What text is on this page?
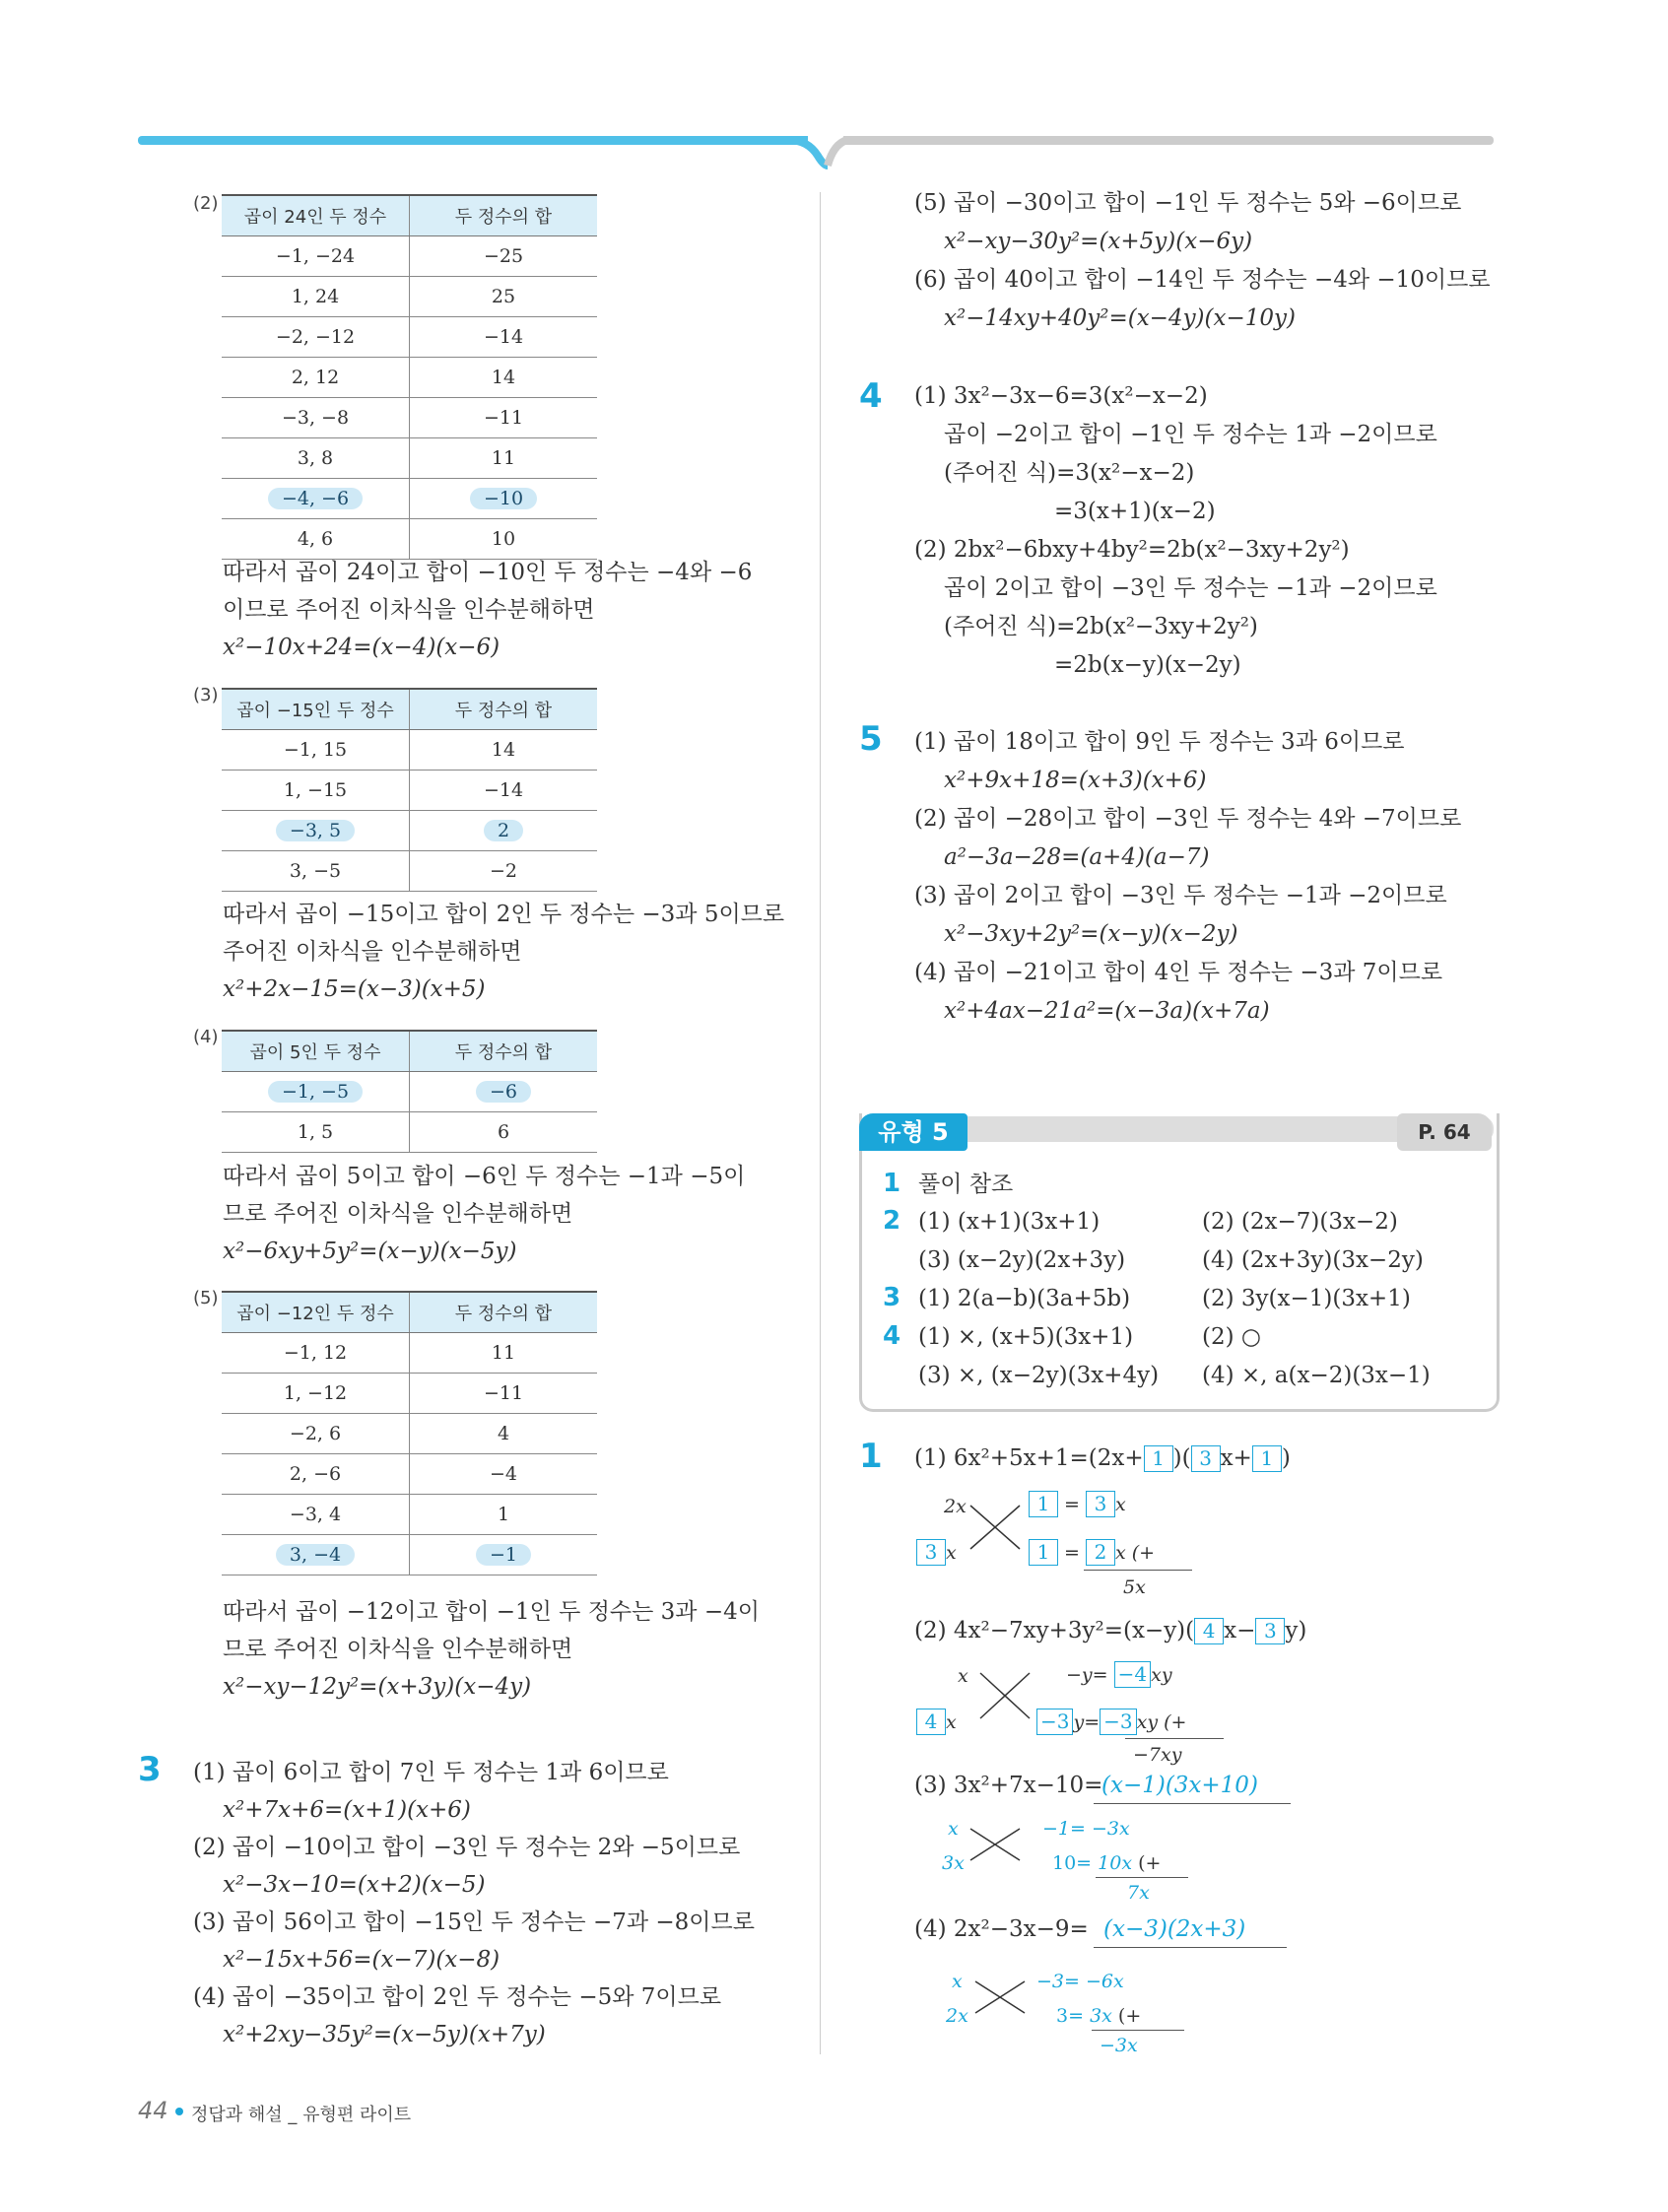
(2)
곱이 24인 두 정수	두 정수의 합
−1, −24	−25
1, 24	25
−2, −12	−14
2, 12	14
−3, −8	−11
3, 8	11
−4, −6	−10
4, 6	10
따라서 곱이 24이고 합이 −10인 두 정수는 −4와 −6
이므로 주어진 이차식을 인수분해하면
x²−10x+24=(x−4)(x−6)
(3)
곱이 −15인 두 정수	두 정수의 합
−1, 15	14
1, −15	−14
−3, 5	2
3, −5	−2
따라서 곱이 −15이고 합이 2인 두 정수는 −3과 5이므로
주어진 이차식을 인수분해하면
x²+2x−15=(x−3)(x+5)
(4)
곱이 5인 두 정수	두 정수의 합
−1, −5	−6
1, 5	6
따라서 곱이 5이고 합이 −6인 두 정수는 −1과 −5이
므로 주어진 이차식을 인수분해하면
x²−6xy+5y²=(x−y)(x−5y)
(5)
곱이 −12인 두 정수	두 정수의 합
−1, 12	11
1, −12	−11
−2, 6	4
2, −6	−4
−3, 4	1
3, −4	−1
따라서 곱이 −12이고 합이 −1인 두 정수는 3과 −4이
므로 주어진 이차식을 인수분해하면
x²−xy−12y²=(x+3y)(x−4y)
3 (1) 곱이 6이고 합이 7인 두 정수는 1과 6이므로
x²+7x+6=(x+1)(x+6)
(2) 곱이 −10이고 합이 −3인 두 정수는 2와 −5이므로
x²−3x−10=(x+2)(x−5)
(3) 곱이 56이고 합이 −15인 두 정수는 −7과 −8이므로
x²−15x+56=(x−7)(x−8)
(4) 곱이 −35이고 합이 2인 두 정수는 −5와 7이므로
x²+2xy−35y²=(x−5y)(x+7y)
(5) 곱이 −30이고 합이 −1인 두 정수는 5와 −6이므로
x²−xy−30y²=(x+5y)(x−6y)
(6) 곱이 40이고 합이 −14인 두 정수는 −4와 −10이므로
x²−14xy+40y²=(x−4y)(x−10y)
4 (1) 3x²−3x−6=3(x²−x−2)
곱이 −2이고 합이 −1인 두 정수는 1과 −2이므로
(주어진 식)=3(x²−x−2)
=3(x+1)(x−2)
(2) 2bx²−6bxy+4by²=2b(x²−3xy+2y²)
곱이 2이고 합이 −3인 두 정수는 −1과 −2이므로
(주어진 식)=2b(x²−3xy+2y²)
=2b(x−y)(x−2y)
5 (1) 곱이 18이고 합이 9인 두 정수는 3과 6이므로
x²+9x+18=(x+3)(x+6)
(2) 곱이 −28이고 합이 −3인 두 정수는 4와 −7이므로
a²−3a−28=(a+4)(a−7)
(3) 곱이 2이고 합이 −3인 두 정수는 −1과 −2이므로
x²−3xy+2y²=(x−y)(x−2y)
(4) 곱이 −21이고 합이 4인 두 정수는 −3과 7이므로
x²+4ax−21a²=(x−3a)(x+7a)
유형 5	P. 64
1 풀이 참조
2 (1) (x+1)(3x+1)	(2) (2x−7)(3x−2)
(3) (x−2y)(2x+3y)	(4) (2x+3y)(3x−2y)
3 (1) 2(a−b)(3a+5b)	(2) 3y(x−1)(3x+1)
4 (1) ×, (x+5)(3x+1)	(2) ○
(3) ×, (x−2y)(3x+4y) (4) ×, a(x−2)(3x−1)
1 (1) 6x²+5x+1=(2x+ 1 )( 3 x+ 1 )
2x	1 = 3 x
3 x	1 = 2 x (+
5x
(2) 4x²−7xy+3y²=(x−y)( 4 x− 3 y)
x	−y= −4 xy
4 x	−3 y= −3 xy (+
−7xy
(3) 3x²+7x−10=
(x−1)(3x+10)
x	−1= −3x
3x	10= 10x (+
7x
(4) 2x²−3x−9= (x−3)(2x+3)
x	−3= −6x
2x	3= 3x (+
−3x
44 정답과 해설 _ 유형편 라이트
